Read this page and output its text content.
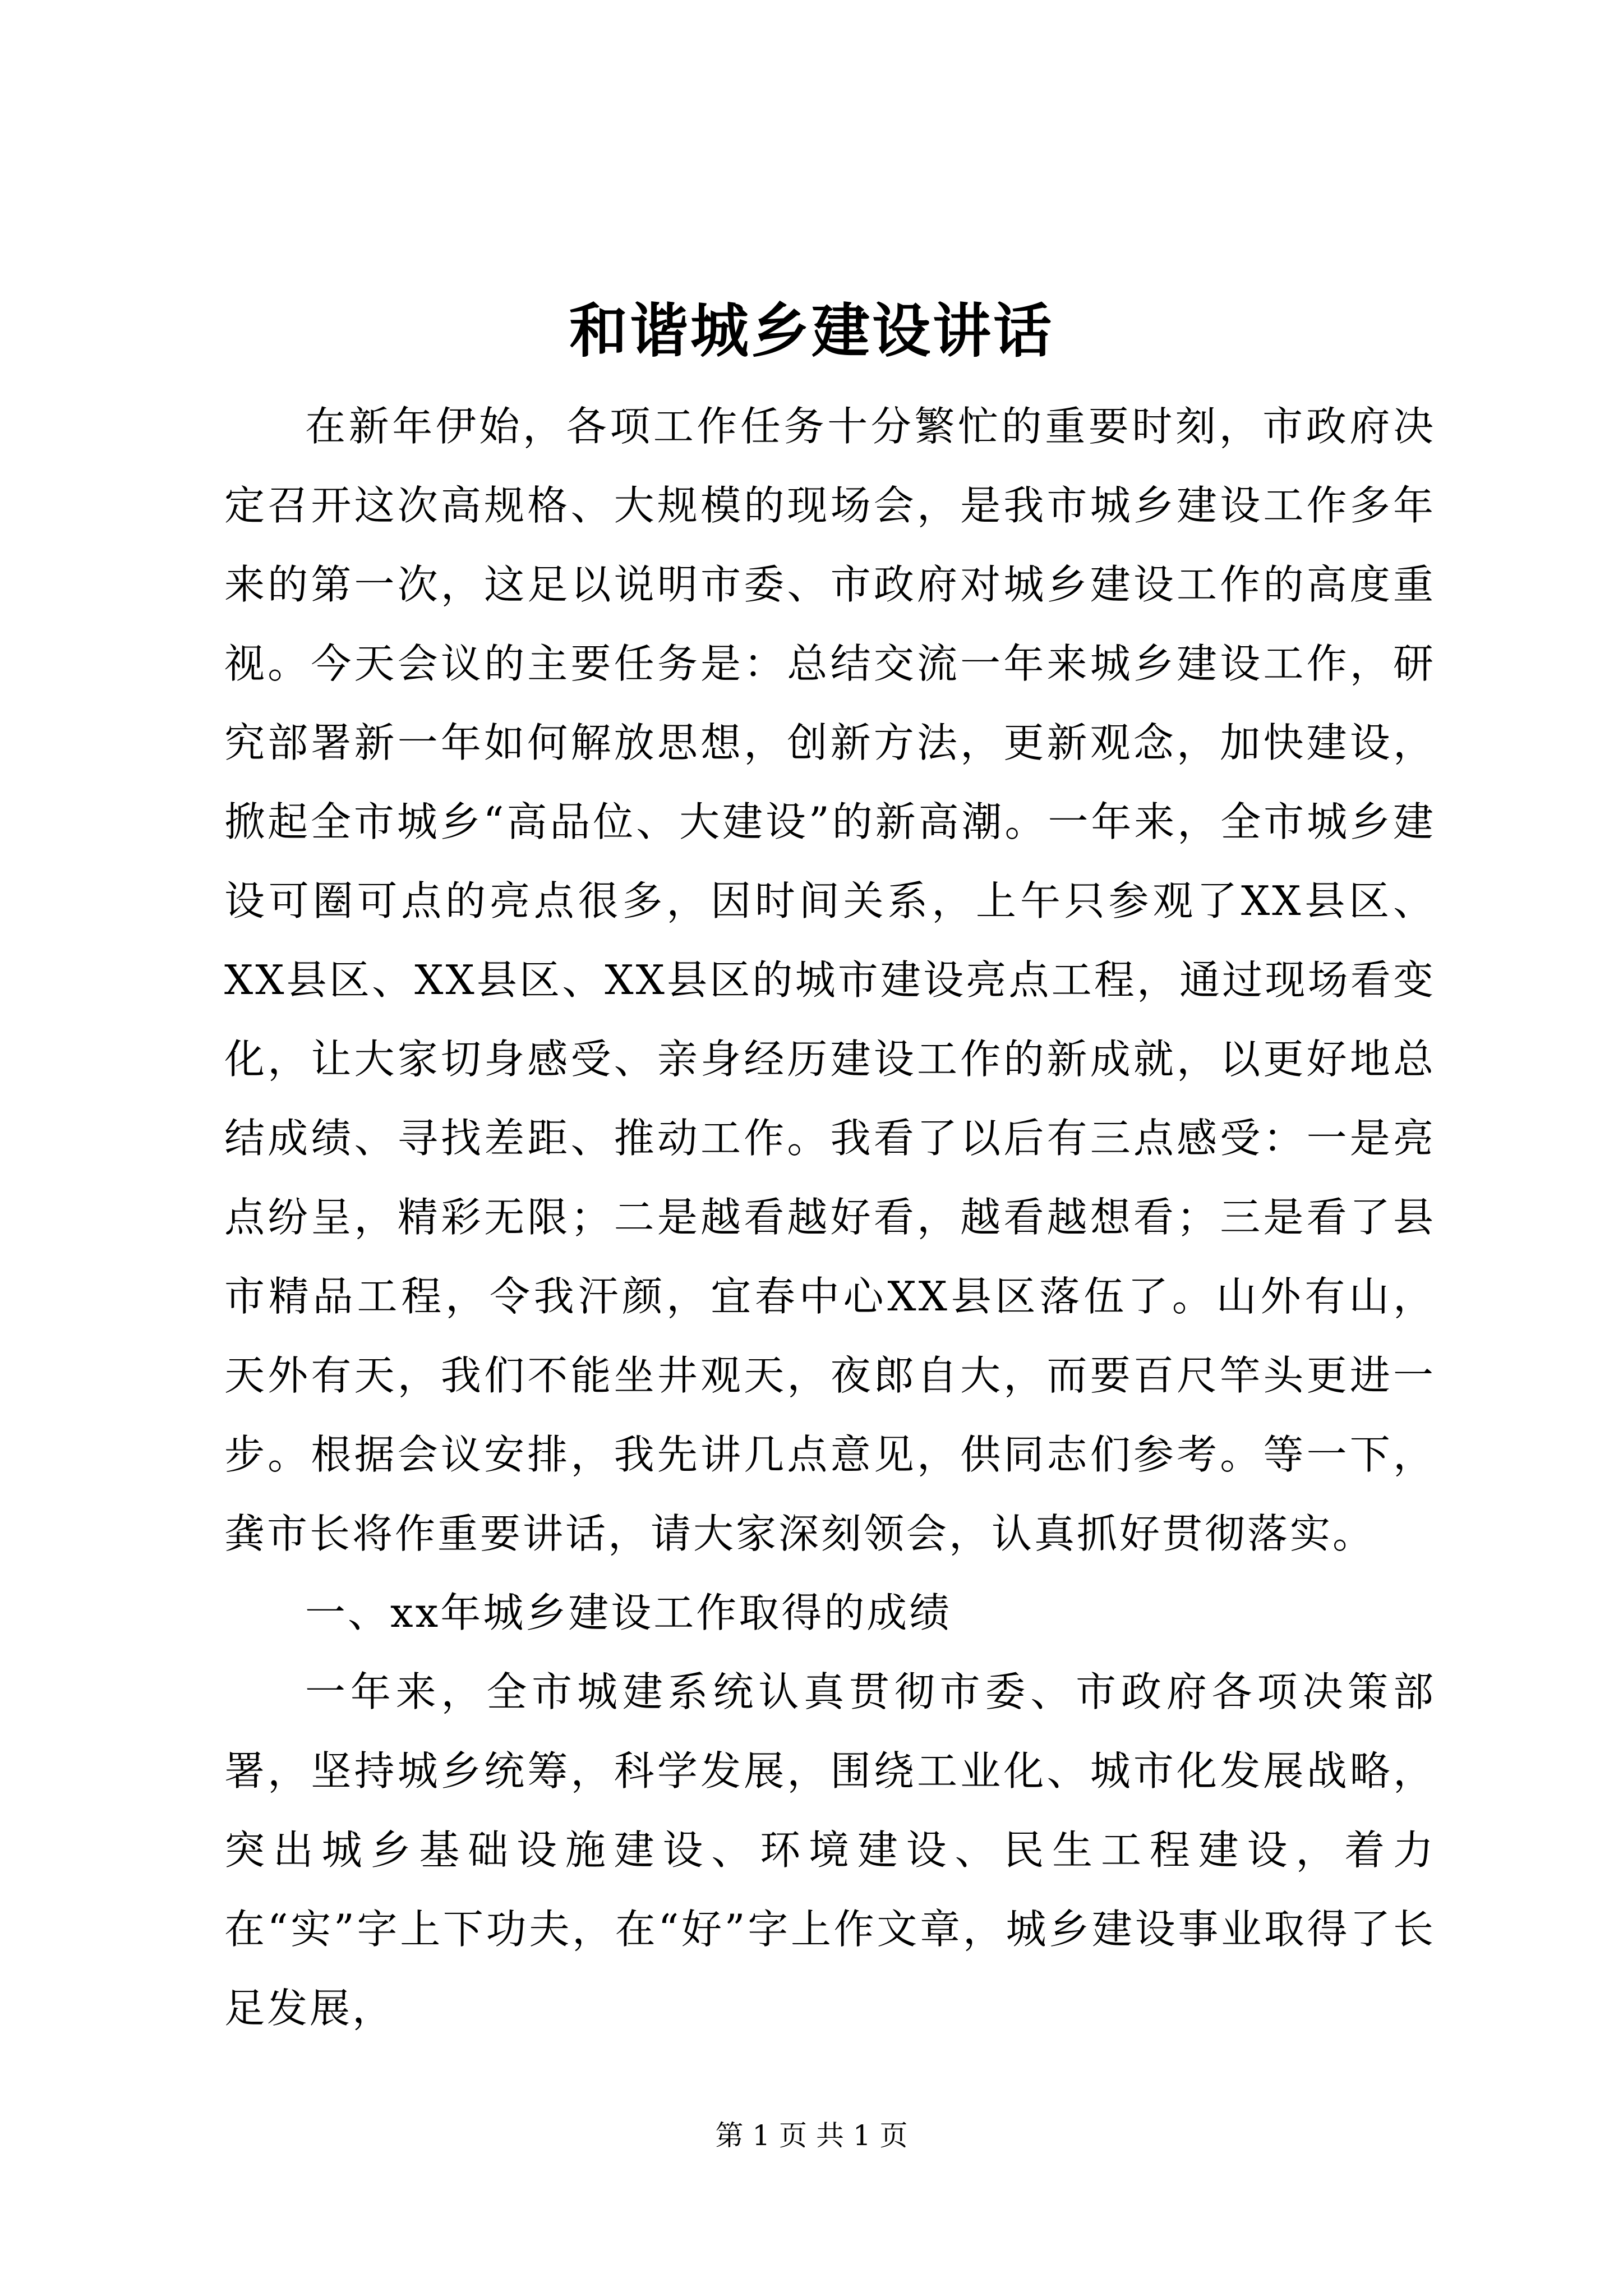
和谐城乡建设讲话

在新年伊始，各项工作任务十分繁忙的重要时刻，市政府决定召开这次高规格、大规模的现场会，是我市城乡建设工作多年来的第一次，这足以说明市委、市政府对城乡建设工作的高度重视。今天会议的主要任务是：总结交流一年来城乡建设工作，研究部署新一年如何解放思想，创新方法，更新观念，加快建设，掀起全市城乡“高品位、大建设”的新高潮。一年来，全市城乡建设可圈可点的亮点很多，因时间关系，上午只参观了XX县区、XX县区、XX县区、XX县区的城市建设亮点工程，通过现场看变化，让大家切身感受、亲身经历建设工作的新成就，以更好地总结成绩、寻找差距、推动工作。我看了以后有三点感受：一是亮点纷呈，精彩无限；二是越看越好看，越看越想看；三是看了县市精品工程，令我汗颜，宜春中心XX县区落伍了。山外有山，天外有天，我们不能坐井观天，夜郎自大，而要百尺竿头更进一步。根据会议安排，我先讲几点意见，供同志们参考。等一下，龚市长将作重要讲话，请大家深刻领会，认真抓好贯彻落实。

一、xx年城乡建设工作取得的成绩

一年来，全市城建系统认真贯彻市委、市政府各项决策部署，坚持城乡统筹，科学发展，围绕工业化、城市化发展战略，突出城乡基础设施建设、环境建设、民生工程建设，着力在“实”字上下功夫，在“好”字上作文章，城乡建设事业取得了长足发展，

第 1 页 共 1 页
